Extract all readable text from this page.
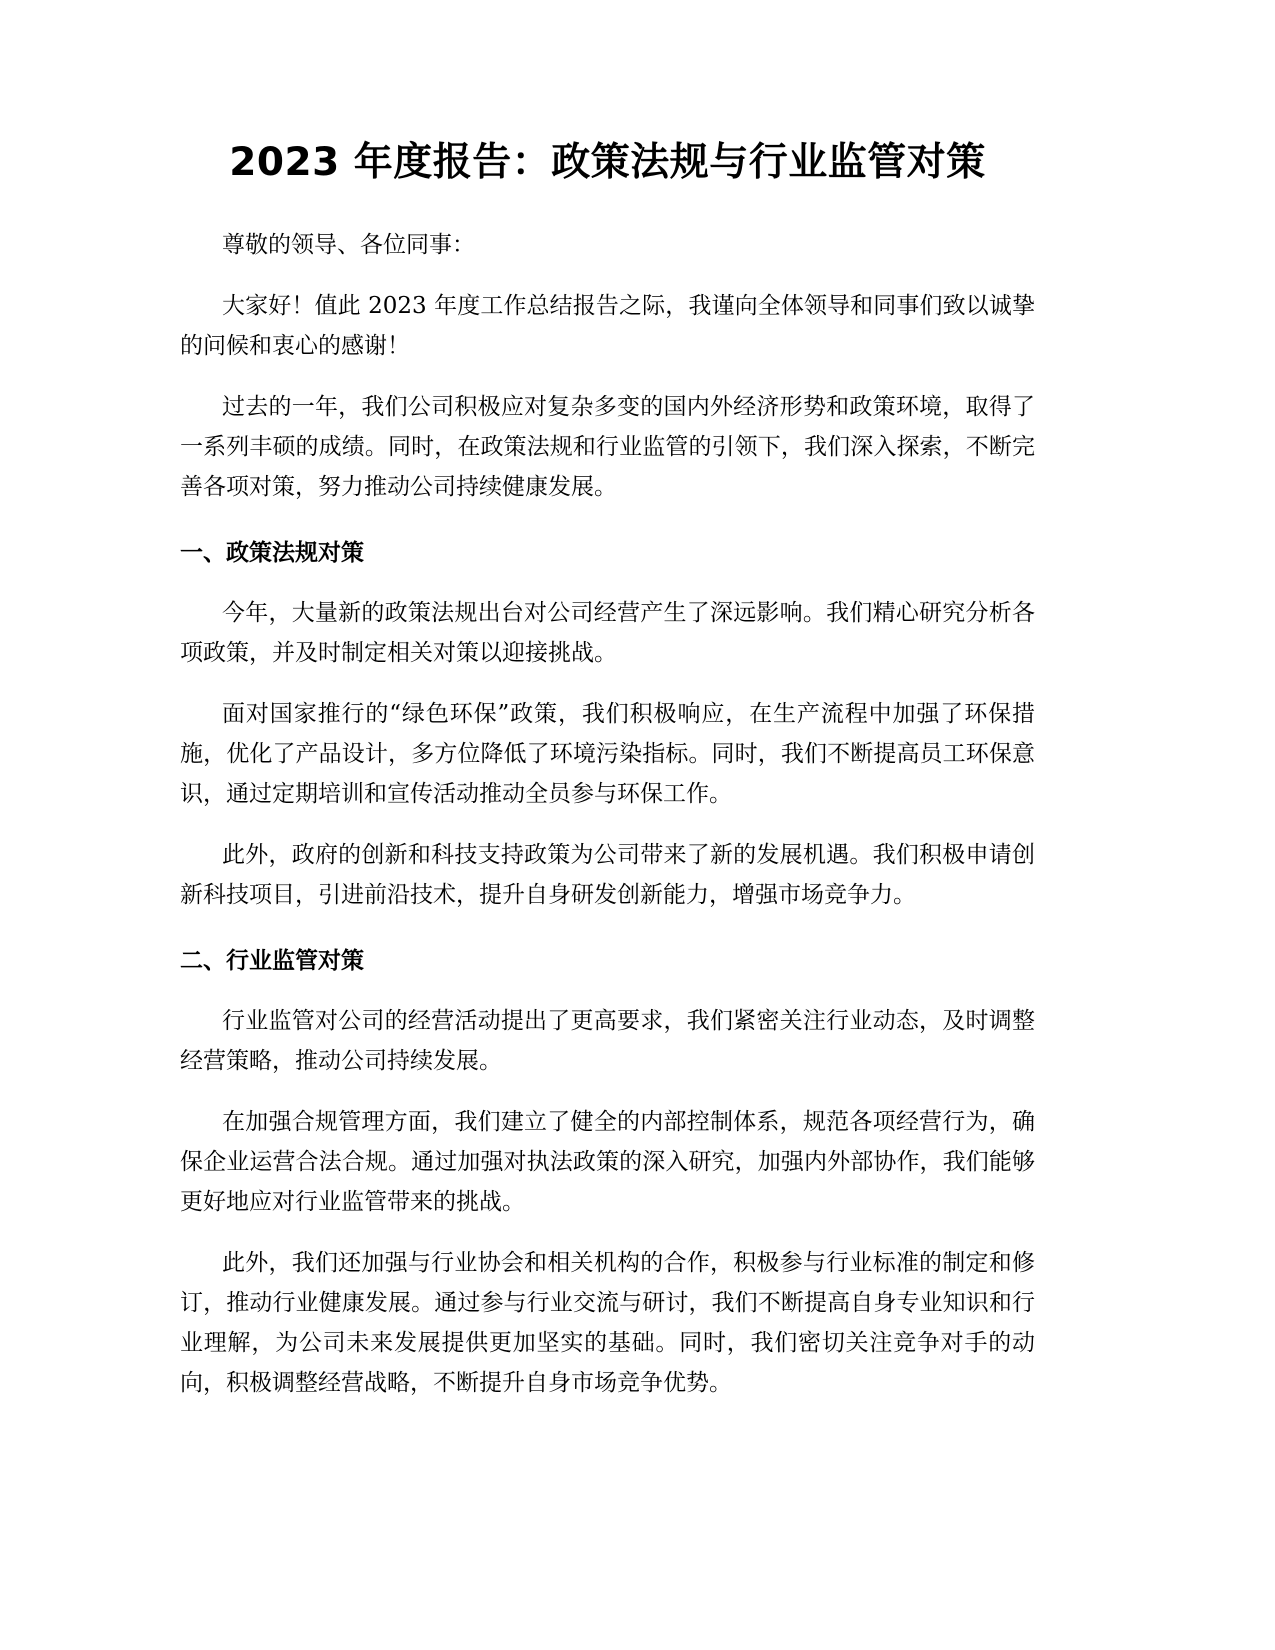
2023 年度报告：政策法规与行业监管对策

尊敬的领导、各位同事：

大家好！值此 2023 年度工作总结报告之际，我谨向全体领导和同事们致以诚挚的问候和衷心的感谢！

过去的一年，我们公司积极应对复杂多变的国内外经济形势和政策环境，取得了一系列丰硕的成绩。同时，在政策法规和行业监管的引领下，我们深入探索，不断完善各项对策，努力推动公司持续健康发展。

一、政策法规对策

今年，大量新的政策法规出台对公司经营产生了深远影响。我们精心研究分析各项政策，并及时制定相关对策以迎接挑战。

面对国家推行的“绿色环保”政策，我们积极响应，在生产流程中加强了环保措施，优化了产品设计，多方位降低了环境污染指标。同时，我们不断提高员工环保意识，通过定期培训和宣传活动推动全员参与环保工作。

此外，政府的创新和科技支持政策为公司带来了新的发展机遇。我们积极申请创新科技项目，引进前沿技术，提升自身研发创新能力，增强市场竞争力。

二、行业监管对策

行业监管对公司的经营活动提出了更高要求，我们紧密关注行业动态，及时调整经营策略，推动公司持续发展。

在加强合规管理方面，我们建立了健全的内部控制体系，规范各项经营行为，确保企业运营合法合规。通过加强对执法政策的深入研究，加强内外部协作，我们能够更好地应对行业监管带来的挑战。

此外，我们还加强与行业协会和相关机构的合作，积极参与行业标准的制定和修订，推动行业健康发展。通过参与行业交流与研讨，我们不断提高自身专业知识和行业理解，为公司未来发展提供更加坚实的基础。同时，我们密切关注竞争对手的动向，积极调整经营战略，不断提升自身市场竞争优势。
